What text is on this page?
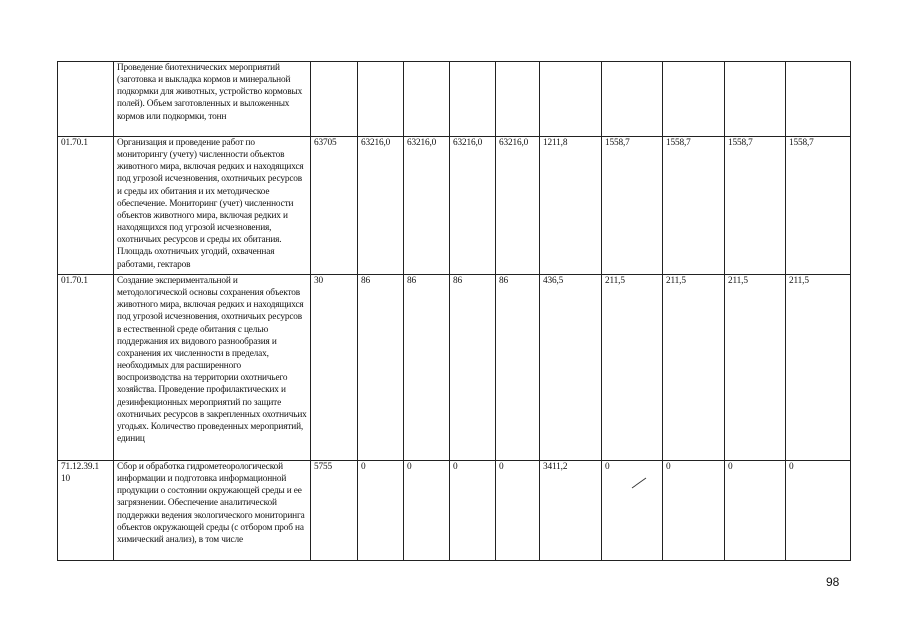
	Проведение биотехнических мероприятий (заготовка и выкладка кормов и минеральной подкормки для животных, устройство кормовых полей). Объем заготовленных и выложенных кормов или подкормки, тонн										
01.70.1	Организация и проведение работ по мониторингу (учету) численности объектов животного мира, включая редких и находящихся под угрозой исчезновения, охотничьих ресурсов и среды их обитания и их методическое обеспечение. Мониторинг (учет) численности объектов животного мира, включая редких и находящихся под угрозой исчезновения, охотничьих ресурсов и среды их обитания. Площадь охотничьих угодий, охваченная работами, гектаров	63705	63216,0	63216,0	63216,0	63216,0	1211,8	1558,7	1558,7	1558,7	1558,7
01.70.1	Создание экспериментальной и методологической основы сохранения объектов животного мира, включая редких и находящихся под угрозой исчезновения, охотничьих ресурсов в естественной среде обитания с целью поддержания их видового разнообразия и сохранения их численности в пределах, необходимых для расширенного воспроизводства на территории охотничьего хозяйства. Проведение профилактических и дезинфекционных мероприятий по защите охотничьих ресурсов в закрепленных охотничьих угодьях. Количество проведенных мероприятий, единиц	30	86	86	86	86	436,5	211,5	211,5	211,5	211,5
71.12.39.1 10	Сбор и обработка гидрометеорологической информации и подготовка информационной продукции о состоянии окружающей среды и ее загрязнении. Обеспечение аналитической поддержки ведения экологического мониторинга объектов окружающей среды (с отбором проб на химический анализ), в том числе	5755	0	0	0	0	3411,2	0	0	0	0
98
